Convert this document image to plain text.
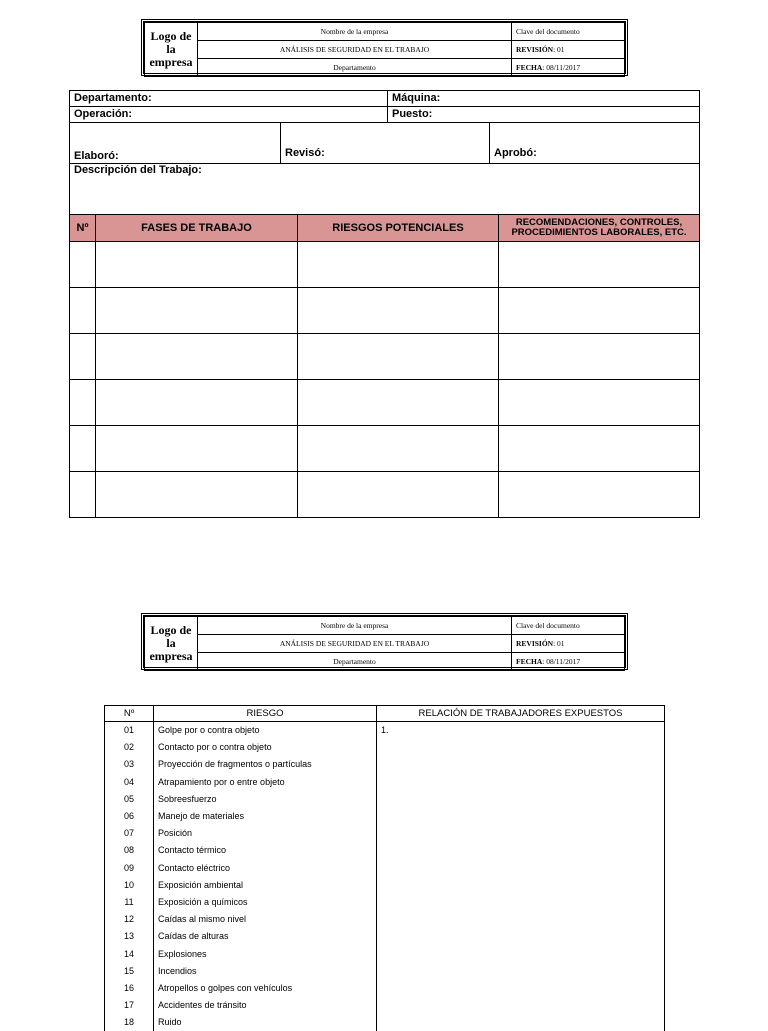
Logo de
la
empresa	Nombre de la empresa	Clave del documento
	ANÁLISIS DE SEGURIDAD EN EL TRABAJO	REVISIÓN: 01
	Departamento	FECHA: 08/11/2017
Departamento:	Máquina:
Operación:	Puesto:
Elaboró:	Revisó:	Aprobó:
Descripción del Trabajo:
Nº	FASES DE TRABAJO	RIESGOS POTENCIALES	RECOMENDACIONES, CONTROLES,
PROCEDIMIENTOS LABORALES, ETC.

Logo de
la
empresa	Nombre de la empresa	Clave del documento
	ANÁLISIS DE SEGURIDAD EN EL TRABAJO	REVISIÓN: 01
	Departamento	FECHA: 08/11/2017
Nº	RIESGO	RELACIÓN DE TRABAJADORES EXPUESTOS
01	Golpe por o contra objeto	1.
02	Contacto por o contra objeto	
03	Proyección de fragmentos o partículas	
04	Atrapamiento por o entre objeto	
05	Sobreesfuerzo	
06	Manejo de materiales	
07	Posición	
08	Contacto térmico	
09	Contacto eléctrico	
10	Exposición ambiental	
11	Exposición a químicos	
12	Caídas al mismo nivel	
13	Caídas de alturas	
14	Explosiones	
15	Incendios	
16	Atropellos o golpes con vehículos	
17	Accidentes de tránsito	
18	Ruido	
